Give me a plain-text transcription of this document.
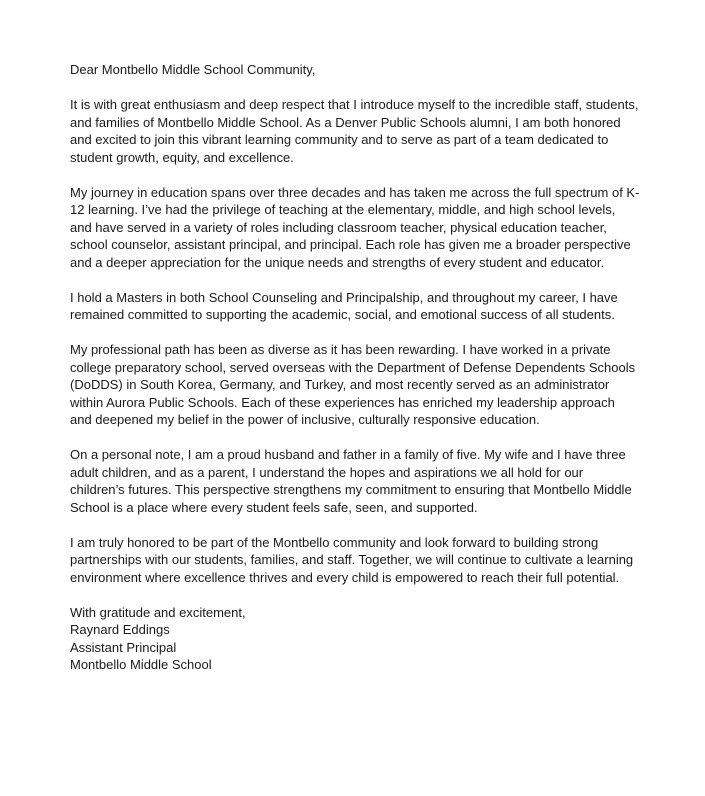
Dear Montbello Middle School Community,

It is with great enthusiasm and deep respect that I introduce myself to the incredible staff, students, and families of Montbello Middle School. As a Denver Public Schools alumni, I am both honored and excited to join this vibrant learning community and to serve as part of a team dedicated to student growth, equity, and excellence.

My journey in education spans over three decades and has taken me across the full spectrum of K-12 learning. I’ve had the privilege of teaching at the elementary, middle, and high school levels, and have served in a variety of roles including classroom teacher, physical education teacher, school counselor, assistant principal, and principal. Each role has given me a broader perspective and a deeper appreciation for the unique needs and strengths of every student and educator.

I hold a Masters in both School Counseling and Principalship, and throughout my career, I have remained committed to supporting the academic, social, and emotional success of all students.

My professional path has been as diverse as it has been rewarding. I have worked in a private college preparatory school, served overseas with the Department of Defense Dependents Schools (DoDDS) in South Korea, Germany, and Turkey, and most recently served as an administrator within Aurora Public Schools. Each of these experiences has enriched my leadership approach and deepened my belief in the power of inclusive, culturally responsive education.

On a personal note, I am a proud husband and father in a family of five. My wife and I have three adult children, and as a parent, I understand the hopes and aspirations we all hold for our children’s futures. This perspective strengthens my commitment to ensuring that Montbello Middle School is a place where every student feels safe, seen, and supported.

I am truly honored to be part of the Montbello community and look forward to building strong partnerships with our students, families, and staff. Together, we will continue to cultivate a learning environment where excellence thrives and every child is empowered to reach their full potential.

With gratitude and excitement,

Raynard Eddings

Assistant Principal

Montbello Middle School
